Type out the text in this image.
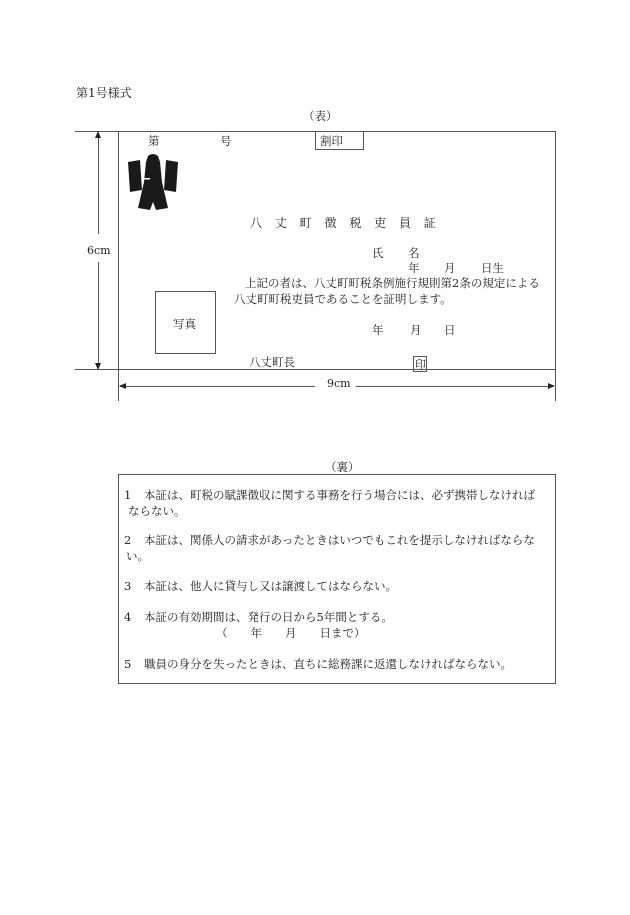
第1号様式
（表）
第	号	割印
八 丈 町 徴 税 吏 員 証
氏 名
年 月 日生
上記の者は、八丈町町税条例施行規則第2条の規定による
八丈町町税吏員であることを証明します。
写真	年 月 日
八丈町長	印
6cm
9cm
（裏）
1 本証は、町税の賦課徴収に関する事務を行う場合には、必ず携帯しなければ
ならない。
2 本証は、関係人の請求があったときはいつでもこれを提示しなければならな
い。
3 本証は、他人に貸与し又は譲渡してはならない。
4 本証の有効期間は、発行の日から5年間とする。
（　　年　　月　　日まで）
5 職員の身分を失ったときは、直ちに総務課に返還しなければならない。
